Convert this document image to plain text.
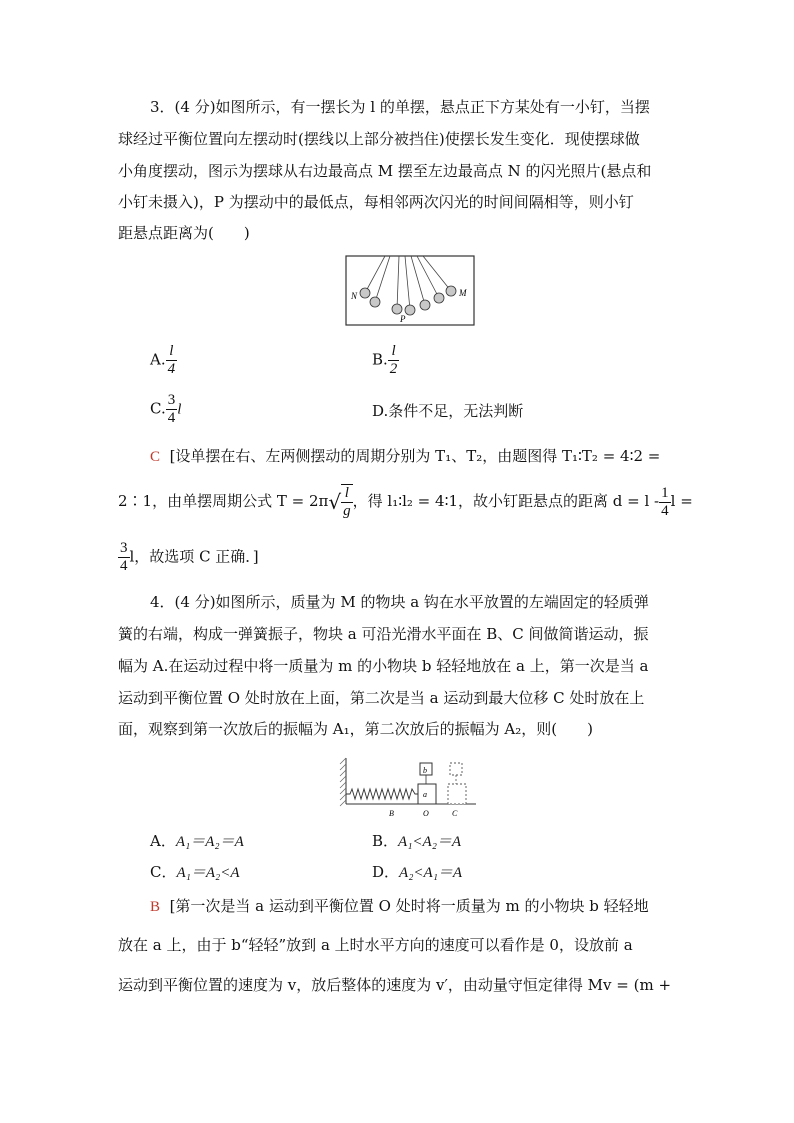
3．(4 分)如图所示，有一摆长为 l 的单摆，悬点正下方某处有一小钉，当摆
球经过平衡位置向左摆动时(摆线以上部分被挡住)使摆长发生变化．现使摆球做
小角度摆动，图示为摆球从右边最高点 M 摆至左边最高点 N 的闪光照片(悬点和
小钉未摄入)，P 为摆动中的最低点，每相邻两次闪光的时间间隔相等，则小钉
距悬点距离为(　　)
N
P
M
A. $\frac{l}{4}$	B. $\frac{l}{2}$
C. $\frac{3}{4}$ l	D.条件不足，无法判断
C [设单摆在右、左两侧摆动的周期分别为 T₁、T₂，由题图得 T₁∶T₂ = 4∶2 =
2∶1，由单摆周期公式 $T = 2\pi√ \frac{l}{g}$ ，得 l₁∶l₂ = 4∶1，故小钉距悬点的距离 $d = l - \frac{1}{4}$ l =
$\frac{3}{4}$ l，故选项 C 正确．]
4．(4 分)如图所示，质量为 M 的物块 a 钩在水平放置的左端固定的轻质弹
簧的右端，构成一弹簧振子，物块 a 可沿光滑水平面在 B、C 间做简谐运动，振
幅为 A.在运动过程中将一质量为 m 的小物块 b 轻轻地放在 a 上，第一次是当 a
运动到平衡位置 O 处时放在上面，第二次是当 a 运动到最大位移 C 处时放在上
面，观察到第一次放后的振幅为 A₁，第二次放后的振幅为 A₂，则(　　)
b
a
B	O	C
A．A₁＝A₂＝A	B．A₁<A₂＝A
C．A₁＝A₂<A	D．A₂<A₁＝A
B [第一次是当 a 运动到平衡位置 O 处时将一质量为 m 的小物块 b 轻轻地
放在 a 上，由于 b“轻轻”放到 a 上时水平方向的速度可以看作是 0，设放前 a
运动到平衡位置的速度为 v，放后整体的速度为 v′，由动量守恒定律得 Mv = (m +
